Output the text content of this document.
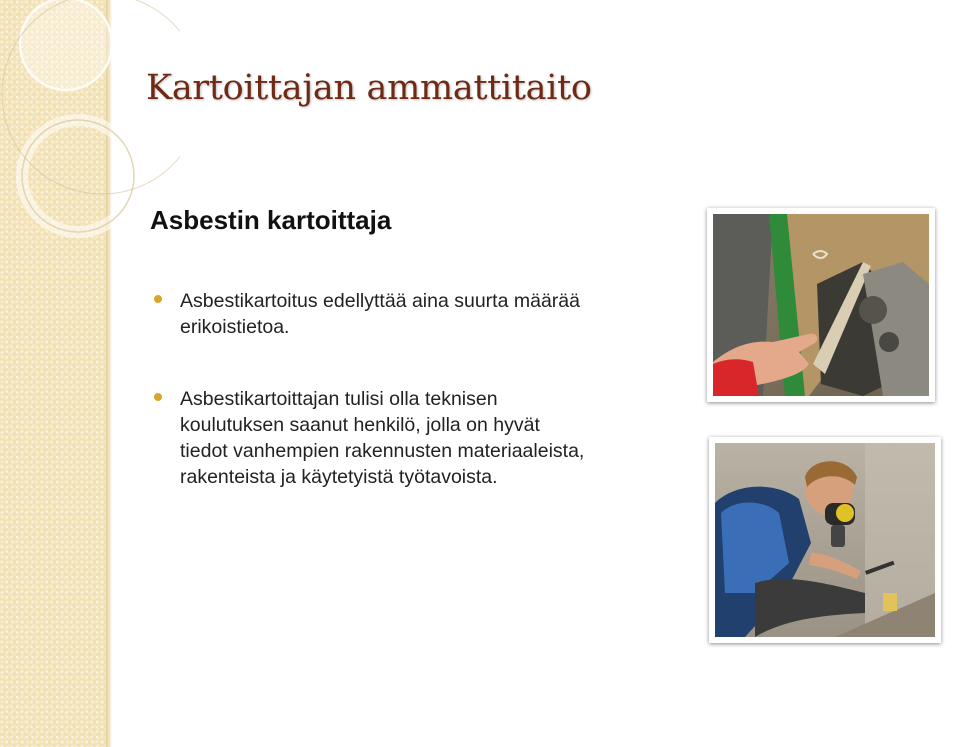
Kartoittajan ammattitaito
Asbestin kartoittaja
Asbestikartoitus edellyttää aina suurta määrää erikoistietoa.
Asbestikartoittajan tulisi olla teknisen koulutuksen saanut henkilö, jolla on hyvät tiedot vanhempien rakennusten materiaaleista, rakenteista ja käytetyistä työtavoista.
